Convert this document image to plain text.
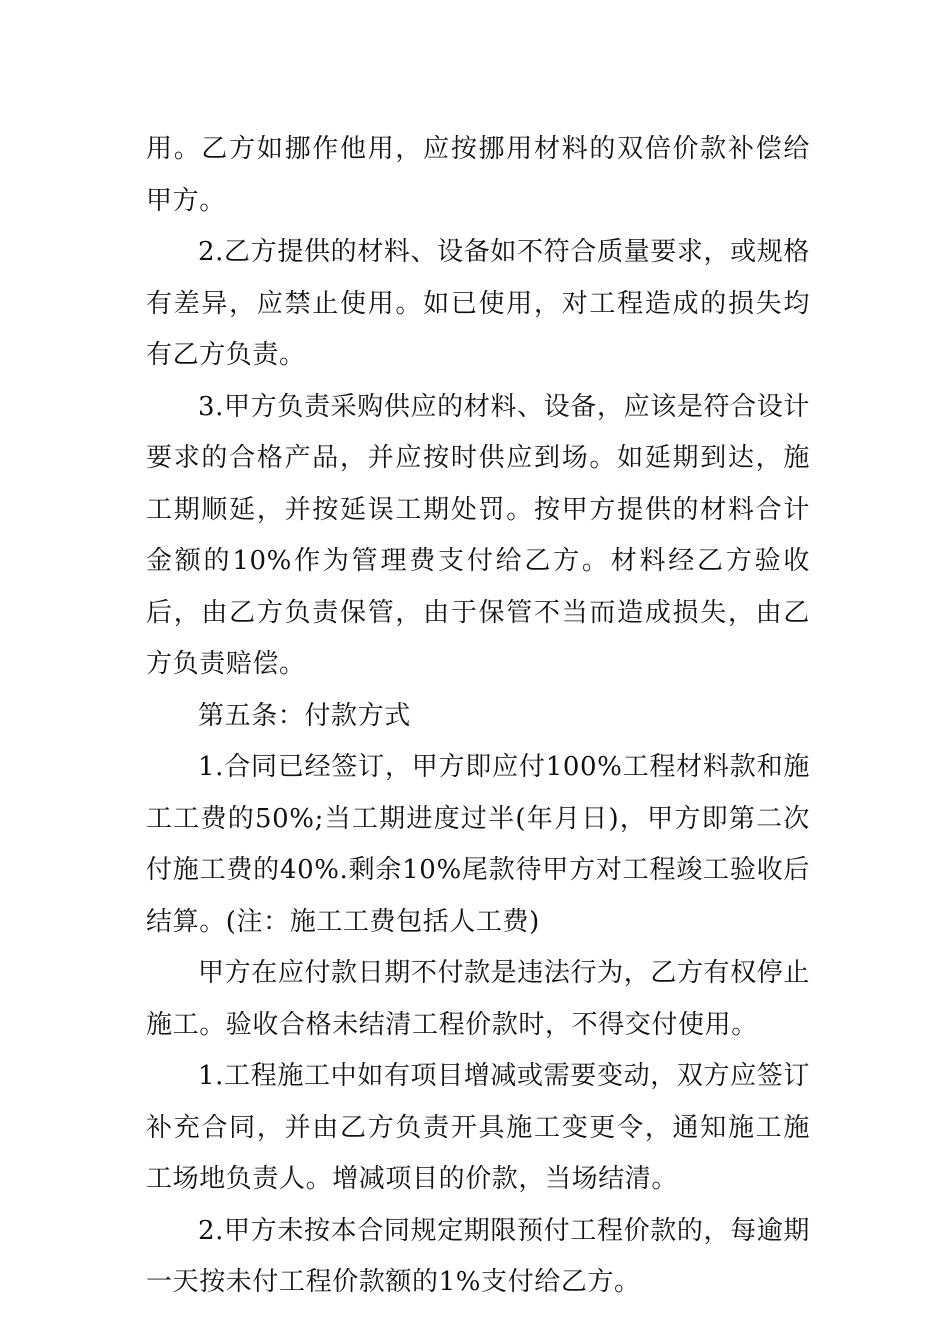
用。乙方如挪作他用，应按挪用材料的双倍价款补偿给甲方。

2.乙方提供的材料、设备如不符合质量要求，或规格有差异，应禁止使用。如已使用，对工程造成的损失均有乙方负责。

3.甲方负责采购供应的材料、设备，应该是符合设计要求的合格产品，并应按时供应到场。如延期到达，施工期顺延，并按延误工期处罚。按甲方提供的材料合计金额的10%作为管理费支付给乙方。材料经乙方验收后，由乙方负责保管，由于保管不当而造成损失，由乙方负责赔偿。

第五条：付款方式

1.合同已经签订，甲方即应付100%工程材料款和施工工费的50%;当工期进度过半(年月日)，甲方即第二次付施工费的40%.剩余10%尾款待甲方对工程竣工验收后结算。(注：施工工费包括人工费)

甲方在应付款日期不付款是违法行为，乙方有权停止施工。验收合格未结清工程价款时，不得交付使用。

1.工程施工中如有项目增减或需要变动，双方应签订补充合同，并由乙方负责开具施工变更令，通知施工施工场地负责人。增减项目的价款，当场结清。

2.甲方未按本合同规定期限预付工程价款的，每逾期一天按未付工程价款额的1%支付给乙方。
